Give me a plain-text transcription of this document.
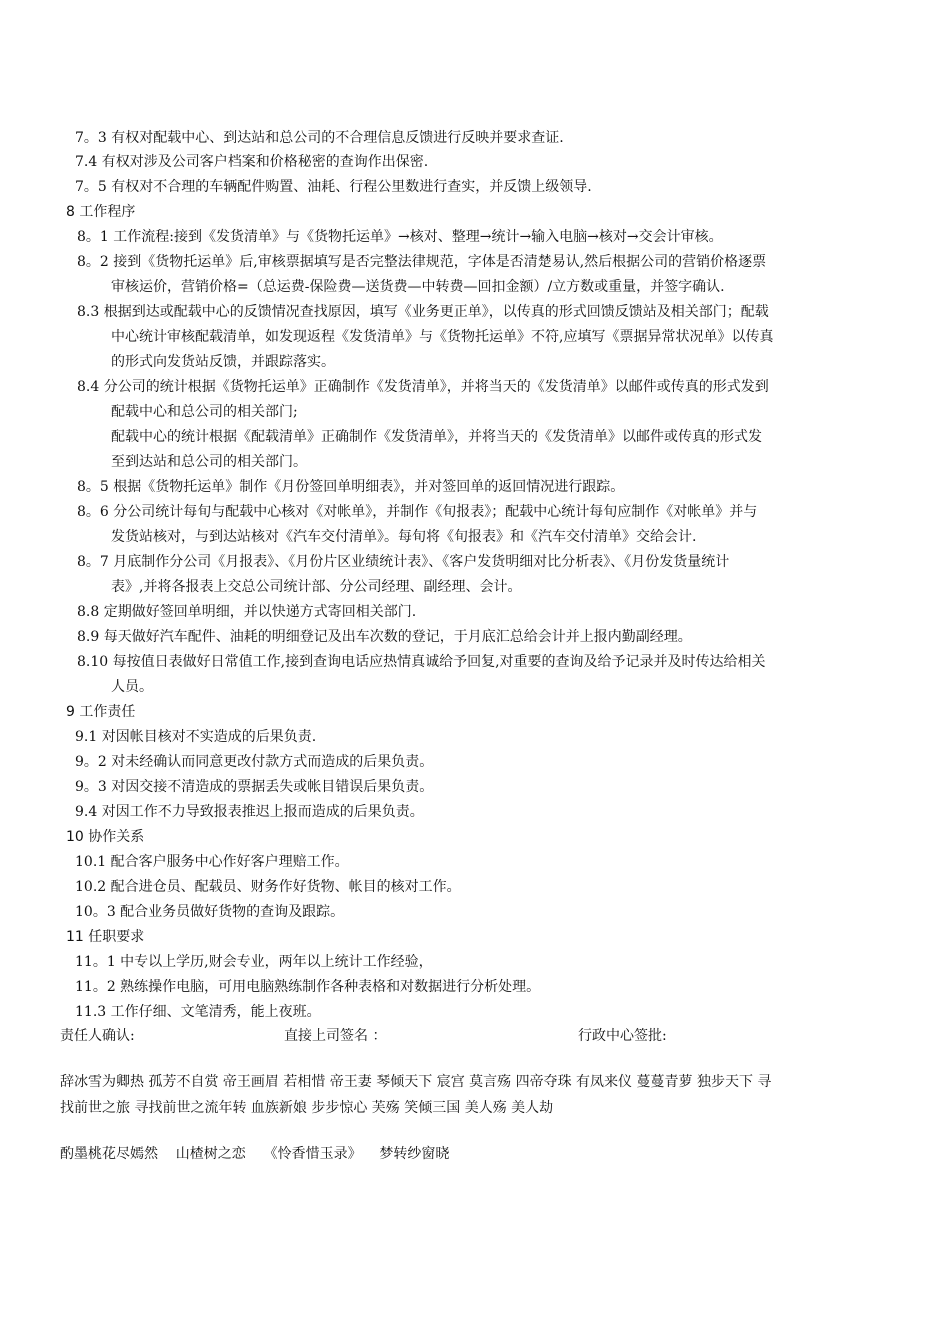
7。3 有权对配载中心、到达站和总公司的不合理信息反馈进行反映并要求查证.
7.4 有权对涉及公司客户档案和价格秘密的查询作出保密.
7。5 有权对不合理的车辆配件购置、油耗、行程公里数进行查实，并反馈上级领导.
8 工作程序
8。1 工作流程:接到《发货清单》与《货物托运单》→核对、整理→统计→输入电脑→核对→交会计审核。
8。2 接到《货物托运单》后,审核票据填写是否完整法律规范，字体是否清楚易认,然后根据公司的营销价格逐票
审核运价，营销价格=（总运费-保险费—送货费—中转费—回扣金额）/立方数或重量，并签字确认.
8.3 根据到达或配载中心的反馈情况查找原因，填写《业务更正单》，以传真的形式回馈反馈站及相关部门；配载
中心统计审核配载清单，如发现返程《发货清单》与《货物托运单》不符,应填写《票据异常状况单》以传真
的形式向发货站反馈，并跟踪落实。
8.4 分公司的统计根据《货物托运单》正确制作《发货清单》，并将当天的《发货清单》以邮件或传真的形式发到
配载中心和总公司的相关部门;
配载中心的统计根据《配载清单》正确制作《发货清单》，并将当天的《发货清单》以邮件或传真的形式发
至到达站和总公司的相关部门。
8。5 根据《货物托运单》制作《月份签回单明细表》，并对签回单的返回情况进行跟踪。
8。6 分公司统计每旬与配载中心核对《对帐单》，并制作《旬报表》；配载中心统计每旬应制作《对帐单》并与
发货站核对，与到达站核对《汽车交付清单》。每旬将《旬报表》和《汽车交付清单》交给会计.
8。7 月底制作分公司《月报表》、《月份片区业绩统计表》、《客户发货明细对比分析表》、《月份发货量统计
表》,并将各报表上交总公司统计部、分公司经理、副经理、会计。
8.8 定期做好签回单明细，并以快递方式寄回相关部门.
8.9 每天做好汽车配件、油耗的明细登记及出车次数的登记，于月底汇总给会计并上报内勤副经理。
8.10 每按值日表做好日常值工作,接到查询电话应热情真诚给予回复,对重要的查询及给予记录并及时传达给相关
人员。
9 工作责任
9.1 对因帐目核对不实造成的后果负责.
9。2 对未经确认而同意更改付款方式而造成的后果负责。
9。3 对因交接不清造成的票据丢失或帐目错误后果负责。
9.4 对因工作不力导致报表推迟上报而造成的后果负责。
10 协作关系
10.1 配合客户服务中心作好客户理赔工作。
10.2 配合进仓员、配载员、财务作好货物、帐目的核对工作。
10。3 配合业务员做好货物的查询及跟踪。
11 任职要求
11。1 中专以上学历,财会专业，两年以上统计工作经验，
11。2 熟练操作电脑，可用电脑熟练制作各种表格和对数据进行分析处理。
11.3 工作仔细、文笔清秀，能上夜班。
责任人确认:	直接上司签名 ：	行政中心签批:
辞冰雪为卿热 孤芳不自赏 帝王画眉 若相惜 帝王妻 琴倾天下 宸宫 莫言殇 四帝夺珠 有凤来仪 蔓蔓青萝 独步天下 寻
找前世之旅 寻找前世之流年转 血族新娘 步步惊心 芙殇 笑倾三国 美人殇 美人劫
酌墨桃花尽嫣然    山楂树之恋    《怜香惜玉录》    梦转纱窗晓
